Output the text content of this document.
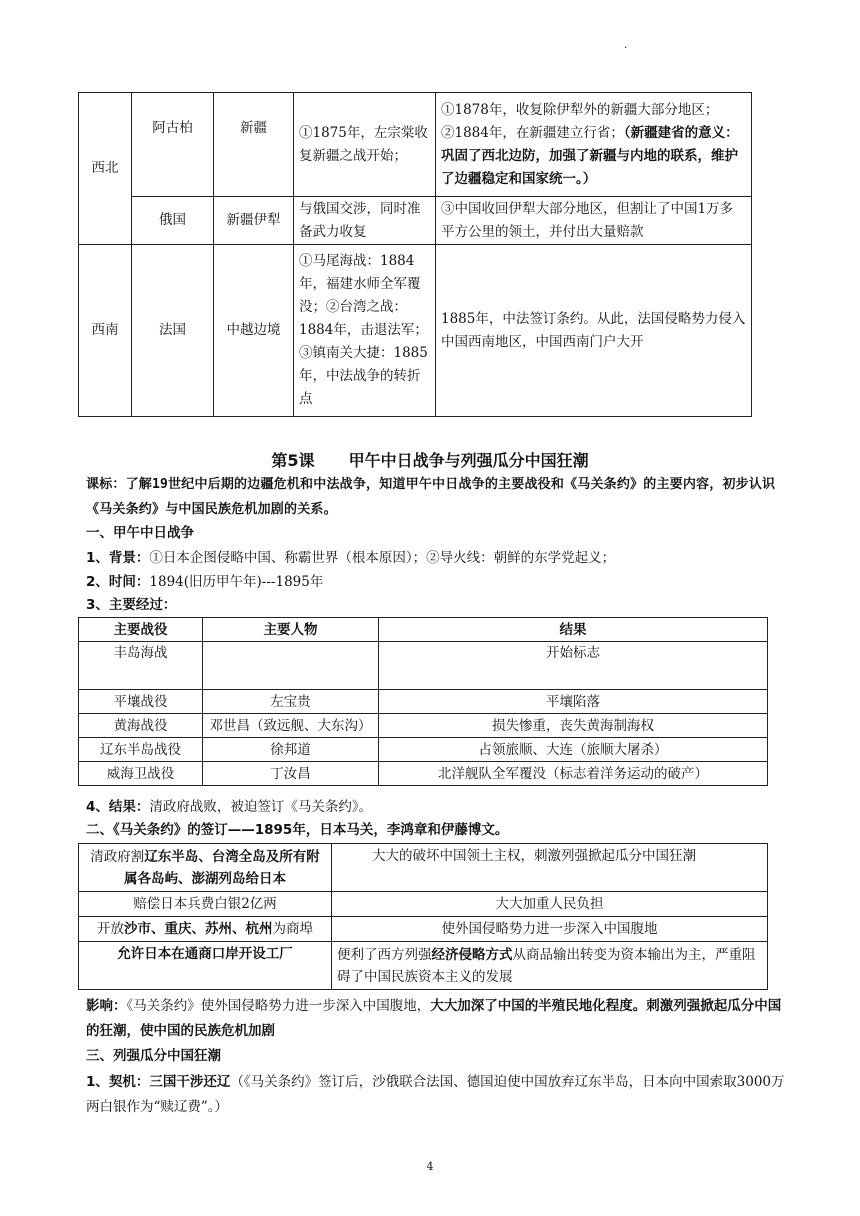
.
西北	阿古柏	新疆	①1875年，左宗棠收复新疆之战开始；	①1878年，收复除伊犁外的新疆大部分地区；②1884年，在新疆建立行省；（新疆建省的意义：巩固了西北边防，加强了新疆与内地的联系，维护了边疆稳定和国家统一。）
	俄国	新疆伊犁	与俄国交涉，同时准备武力收复	③中国收回伊犁大部分地区，但割让了中国1万多平方公里的领土，并付出大量赔款
西南	法国	中越边境	①马尾海战：1884年，福建水师全军覆没；②台湾之战：1884年，击退法军；③镇南关大捷：1885年，中法战争的转折点	1885年，中法签订条约。从此，法国侵略势力侵入中国西南地区，中国西南门户大开
第5课 甲午中日战争与列强瓜分中国狂潮
课标：了解19世纪中后期的边疆危机和中法战争，知道甲午中日战争的主要战役和《马关条约》的主要内容，初步认识《马关条约》与中国民族危机加剧的关系。
一、甲午中日战争
1、背景：①日本企图侵略中国、称霸世界（根本原因）；②导火线：朝鲜的东学党起义；
2、时间：1894(旧历甲午年)---1895年
3、主要经过：
主要战役	主要人物	结果
丰岛海战		开始标志
平壤战役	左宝贵	平壤陷落
黄海战役	邓世昌（致远舰、大东沟）	损失惨重，丧失黄海制海权
辽东半岛战役	徐邦道	占领旅顺、大连（旅顺大屠杀）
威海卫战役	丁汝昌	北洋舰队全军覆没（标志着洋务运动的破产）
4、结果：清政府战败，被迫签订《马关条约》。
二、《马关条约》的签订——1895年，日本马关，李鸿章和伊藤博文。
清政府割辽东半岛、台湾全岛及所有附属各岛屿、澎湖列岛给日本	大大的破坏中国领土主权，刺激列强掀起瓜分中国狂潮
赔偿日本兵费白银2亿两	大大加重人民负担
开放沙市、重庆、苏州、杭州为商埠	使外国侵略势力进一步深入中国腹地
允许日本在通商口岸开设工厂	便利了西方列强经济侵略方式从商品输出转变为资本输出为主，严重阻碍了中国民族资本主义的发展
影响：《马关条约》使外国侵略势力进一步深入中国腹地，大大加深了中国的半殖民地化程度。刺激列强掀起瓜分中国的狂潮，使中国的民族危机加剧
三、列强瓜分中国狂潮
1、契机：三国干涉还辽（《马关条约》签订后，沙俄联合法国、德国迫使中国放弃辽东半岛，日本向中国索取3000万两白银作为“赎辽费”。）
4
